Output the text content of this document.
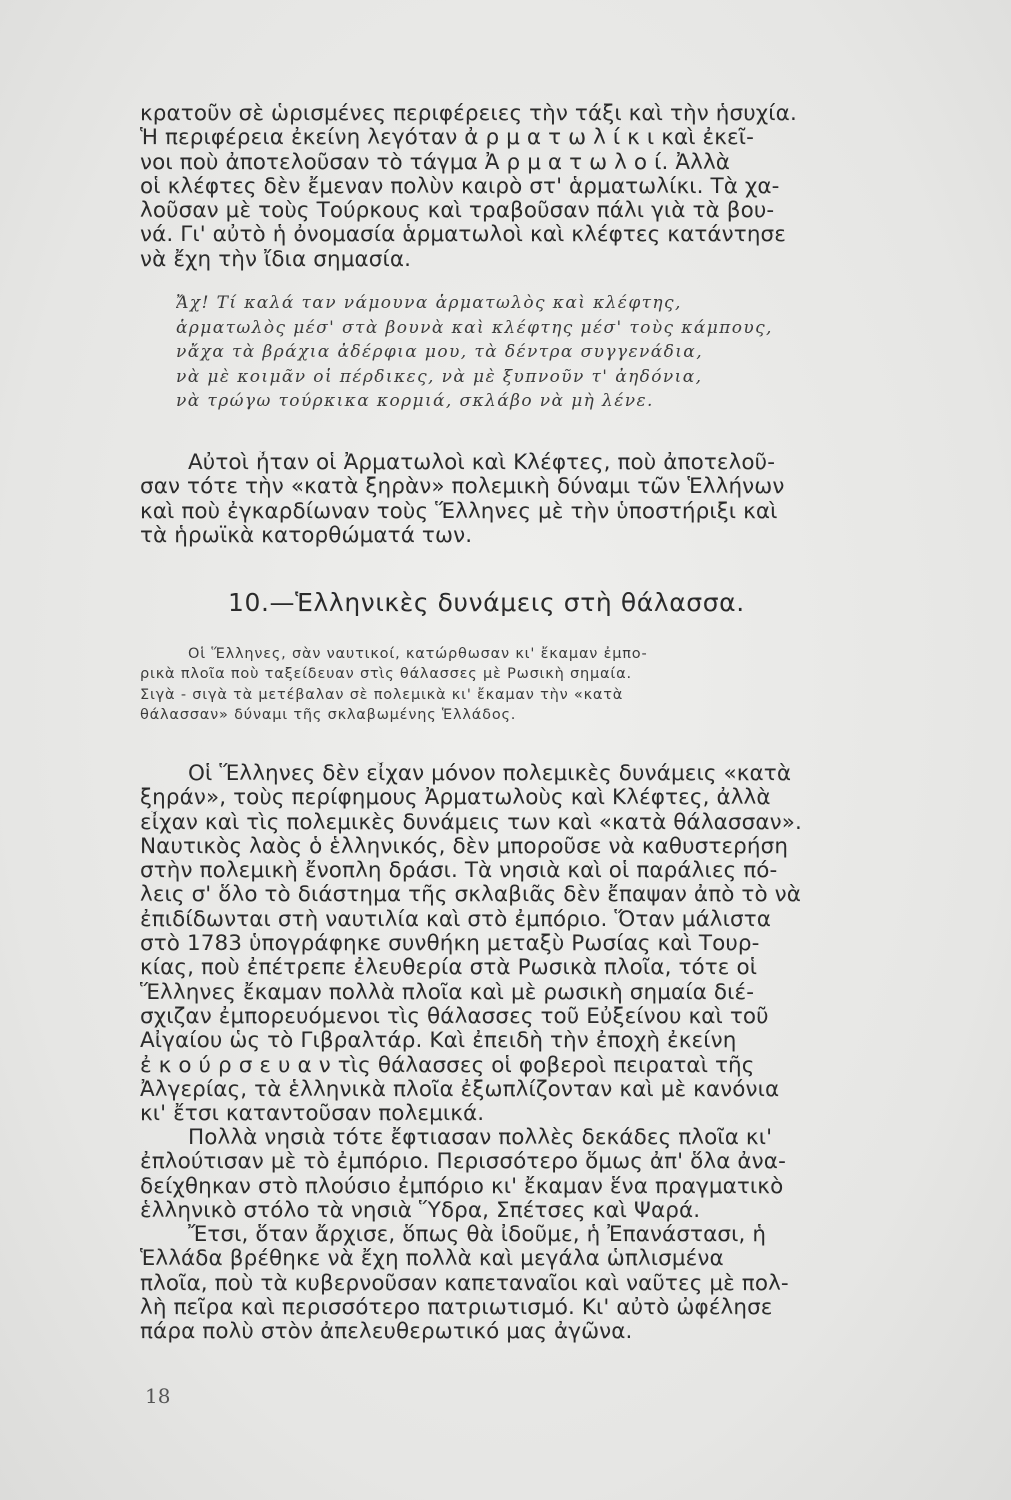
κρατοῦν σὲ ὡρισμένες περιφέρειες τὴν τάξι καὶ τὴν ἡσυχία.
Ἡ περιφέρεια ἐκείνη λεγόταν ἀ ρ μ α τ ω λ ί κ ι καὶ ἐκεῖ-
νοι ποὺ ἀποτελοῦσαν τὸ τάγμα Ἀ ρ μ α τ ω λ ο ί. Ἀλλὰ
οἱ κλέφτες δὲν ἔμεναν πολὺν καιρὸ στ' ἁρματωλίκι. Τὰ χα-
λοῦσαν μὲ τοὺς Τούρκους καὶ τραβοῦσαν πάλι γιὰ τὰ βου-
νά. Γι' αὐτὸ ἡ ὀνομασία ἁρματωλοὶ καὶ κλέφτες κατάντησε
νὰ ἔχη τὴν ἴδια σημασία.

Ἄχ! Τί καλά ταν νάμουνα ἁρματωλὸς καὶ κλέφτης,
ἁρματωλὸς μέσ' στὰ βουνὰ καὶ κλέφτης μέσ' τοὺς κάμπους,
νἄχα τὰ βράχια ἀδέρφια μου, τὰ δέντρα συγγενάδια,
νὰ μὲ κοιμᾶν οἱ πέρδικες, νὰ μὲ ξυπνοῦν τ' ἀηδόνια,
νὰ τρώγω τούρκικα κορμιά, σκλάβο νὰ μὴ λένε.

Αὐτοὶ ἦταν οἱ Ἀρματωλοὶ καὶ Κλέφτες, ποὺ ἀποτελοῦ-
σαν τότε τὴν «κατὰ ξηρὰν» πολεμικὴ δύναμι τῶν Ἑλλήνων
καὶ ποὺ ἐγκαρδίωναν τοὺς Ἕλληνες μὲ τὴν ὑποστήριξι καὶ
τὰ ἡρωϊκὰ κατορθώματά των.

10.—Ἑλληνικὲς δυνάμεις στὴ θάλασσα.

Οἱ Ἕλληνες, σὰν ναυτικοί, κατώρθωσαν κι' ἔκαμαν ἐμπο-
ρικὰ πλοῖα ποὺ ταξείδευαν στὶς θάλασσες μὲ Ρωσικὴ σημαία.
Σιγὰ - σιγὰ τὰ μετέβαλαν σὲ πολεμικὰ κι' ἔκαμαν τὴν «κατὰ
θάλασσαν» δύναμι τῆς σκλαβωμένης Ἑλλάδος.

Οἱ Ἕλληνες δὲν εἶχαν μόνον πολεμικὲς δυνάμεις «κατὰ
ξηράν», τοὺς περίφημους Ἀρματωλοὺς καὶ Κλέφτες, ἀλλὰ
εἶχαν καὶ τὶς πολεμικὲς δυνάμεις των καὶ «κατὰ θάλασσαν».
Ναυτικὸς λαὸς ὁ ἑλληνικός, δὲν μποροῦσε νὰ καθυστερήση
στὴν πολεμικὴ ἔνοπλη δράσι. Τὰ νησιὰ καὶ οἱ παράλιες πό-
λεις σ' ὅλο τὸ διάστημα τῆς σκλαβιᾶς δὲν ἔπαψαν ἀπὸ τὸ νὰ
ἐπιδίδωνται στὴ ναυτιλία καὶ στὸ ἐμπόριο. Ὅταν μάλιστα
στὸ 1783 ὑπογράφηκε συνθήκη μεταξὺ Ρωσίας καὶ Τουρ-
κίας, ποὺ ἐπέτρεπε ἐλευθερία στὰ Ρωσικὰ πλοῖα, τότε οἱ
Ἕλληνες ἔκαμαν πολλὰ πλοῖα καὶ μὲ ρωσικὴ σημαία διέ-
σχιζαν ἐμπορευόμενοι τὶς θάλασσες τοῦ Εὐξείνου καὶ τοῦ
Αἰγαίου ὡς τὸ Γιβραλτάρ. Καὶ ἐπειδὴ τὴν ἐποχὴ ἐκείνη
ἐ κ ο ύ ρ σ ε υ α ν τὶς θάλασσες οἱ φοβεροὶ πειραταὶ τῆς
Ἀλγερίας, τὰ ἑλληνικὰ πλοῖα ἐξωπλίζονταν καὶ μὲ κανόνια
κι' ἔτσι καταντοῦσαν πολεμικά.

Πολλὰ νησιὰ τότε ἔφτιασαν πολλὲς δεκάδες πλοῖα κι'
ἐπλούτισαν μὲ τὸ ἐμπόριο. Περισσότερο ὅμως ἀπ' ὅλα ἀνα-
δείχθηκαν στὸ πλούσιο ἐμπόριο κι' ἔκαμαν ἕνα πραγματικὸ
ἑλληνικὸ στόλο τὰ νησιὰ Ὕδρα, Σπέτσες καὶ Ψαρά.

Ἔτσι, ὅταν ἄρχισε, ὅπως θὰ ἰδοῦμε, ἡ Ἐπανάστασι, ἡ
Ἑλλάδα βρέθηκε νὰ ἔχη πολλὰ καὶ μεγάλα ὡπλισμένα
πλοῖα, ποὺ τὰ κυβερνοῦσαν καπεταναῖοι καὶ ναῦτες μὲ πολ-
λὴ πεῖρα καὶ περισσότερο πατριωτισμό. Κι' αὐτὸ ὠφέλησε
πάρα πολὺ στὸν ἀπελευθερωτικό μας ἀγῶνα.

18
